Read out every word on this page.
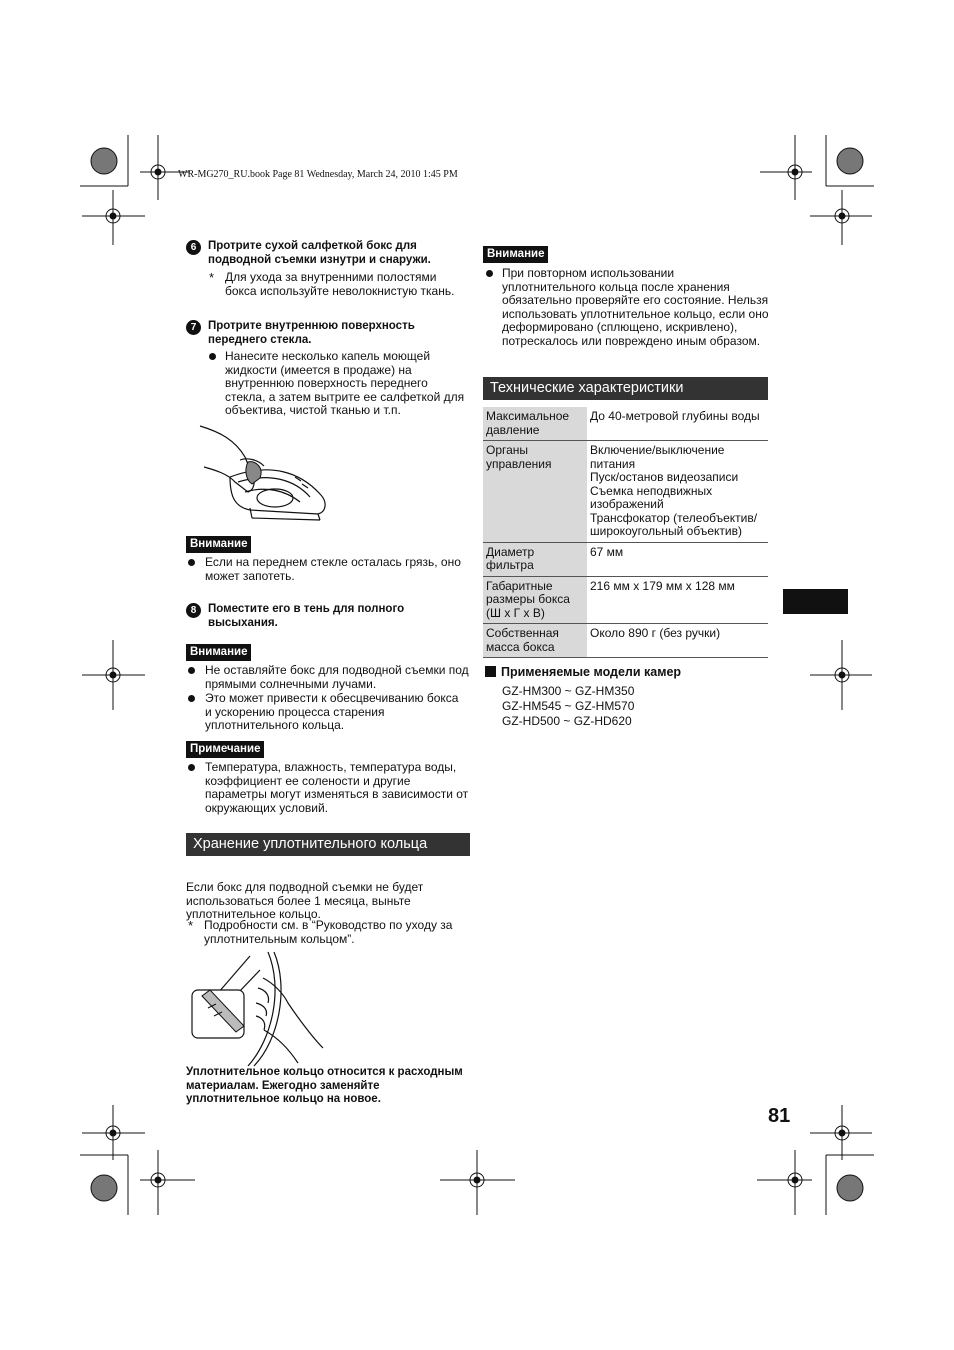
WR-MG270_RU.book Page 81 Wednesday, March 24, 2010 1:45 PM
6	Протрите сухой салфеткой бокс для подводной съемки изнутри и снаружи.
* Для ухода за внутренними полостями бокса используйте неволокнистую ткань.
7	Протрите внутреннюю поверхность переднего стекла.
Нанесите несколько капель моющей жидкости (имеется в продаже) на внутреннюю поверхность переднего стекла, а затем вытрите ее салфеткой для объектива, чистой тканью и т.п.
Внимание
Если на переднем стекле осталась грязь, оно может запотеть.
8	Поместите его в тень для полного высыхания.
Внимание
Не оставляйте бокс для подводной съемки под прямыми солнечными лучами.
Это может привести к обесцвечиванию бокса и ускорению процесса старения уплотнительного кольца.
Примечание
Температура, влажность, температура воды, коэффициент ее солености и другие параметры могут изменяться в зависимости от окружающих условий.
Хранение уплотнительного кольца
Если бокс для подводной съемки не будет использоваться более 1 месяца, выньте уплотнительное кольцо.
* Подробности см. в “Руководство по уходу за уплотнительным кольцом”.
Уплотнительное кольцо относится к расходным материалам. Ежегодно заменяйте уплотнительное кольцо на новое.
Внимание
При повторном использовании уплотнительного кольца после хранения обязательно проверяйте его состояние. Нельзя использовать уплотнительное кольцо, если оно деформировано (сплющено, искривлено), потрескалось или повреждено иным образом.
Технические характеристики
Максимальное давление	До 40-метровой глубины воды

Органы управления	Включение/выключение питания
Пуск/останов видеозаписи
Съемка неподвижных изображений
Трансфокатор (телеобъектив/ широкоугольный объектив)

Диаметр фильтра	67 мм

Габаритные размеры бокса (Ш x Г x В)	216 мм x 179 мм x 128 мм

Собственная масса бокса	Около 890 г (без ручки)
Применяемые модели камер
GZ-HM300 ~ GZ-HM350
GZ-HM545 ~ GZ-HM570
GZ-HD500 ~ GZ-HD620
81
